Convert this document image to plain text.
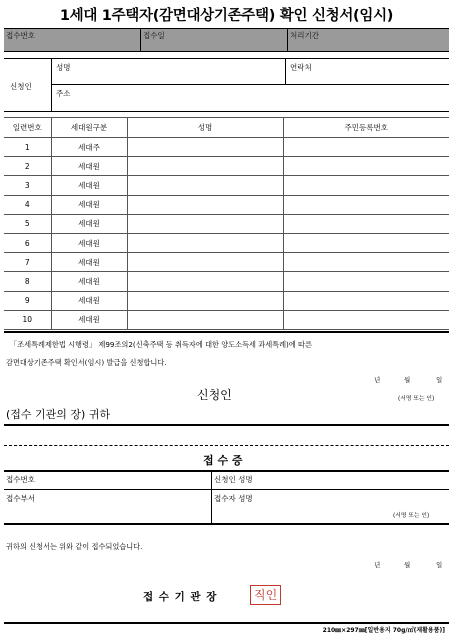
1세대 1주택자(감면대상기존주택) 확인 신청서(임시)
접수번호	접수일	처리기간
신청인
성명	연락처
주소
일련번호	세대원구분	성명	주민등록번호
1	세대주		
2	세대원		
3	세대원		
4	세대원		
5	세대원		
6	세대원		
7	세대원		
8	세대원		
9	세대원		
10	세대원		
「조세특례제한법 시행령」 제99조의2(신축주택 등 취득자에 대한 양도소득세 과세특례)에 따른
감면대상기존주택 확인서(임시) 발급을 신청합니다.
년	월	일
신청인	(서명 또는 인)
(접수 기관의 장) 귀하
접 수 증
접수번호	신청인 성명
접수부서	접수자 성명
(서명 또는 인)
귀하의 신청서는 위와 같이 접수되었습니다.
년	월	일
접 수 기 관 장	직인
210㎜×297㎜[일반용지 70g/㎡(재활용품)]
